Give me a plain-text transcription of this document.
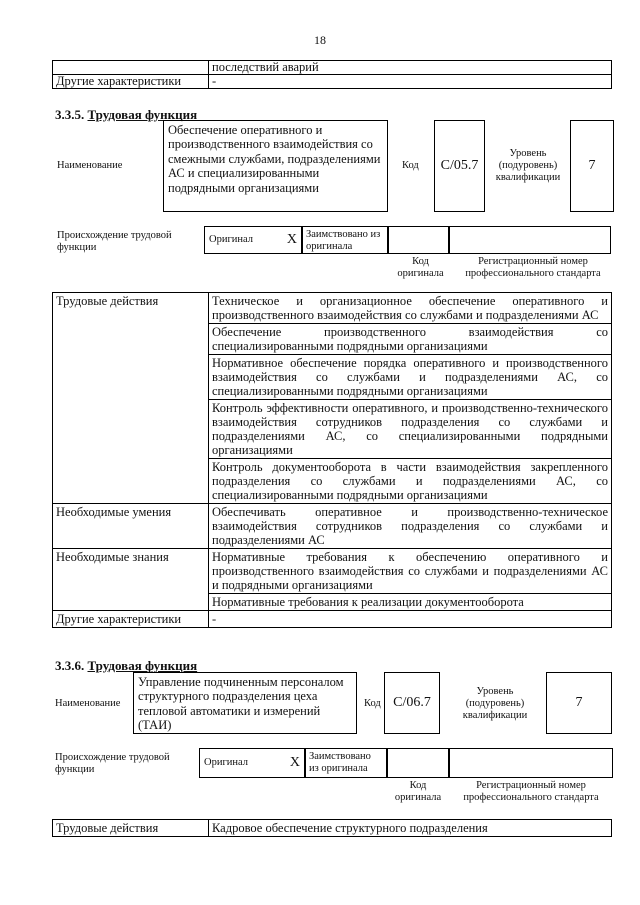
18
	последствий аварий
Другие характеристики	-
3.3.5. Трудовая функция
Наименование
Обеспечение оперативного и производственного взаимодействия со смежными службами, подразделениями АС и специализированными подрядными организациями
Код	C/05.7
Уровень (подуровень) квалификации
7
Происхождение трудовой функции
Оригинал X Заимствовано из оригинала
Код оригинала
Регистрационный номер профессионального стандарта
Трудовые действия	Техническое и организационное обеспечение оперативного и производственного взаимодействия со службами и подразделениями АС
	Обеспечение производственного взаимодействия со специализированными подрядными организациями
	Нормативное обеспечение порядка оперативного и производственного взаимодействия со службами и подразделениями АС, со специализированными подрядными организациями
	Контроль эффективности оперативного, и производственно-технического взаимодействия сотрудников подразделения со службами и подразделениями АС, со специализированными подрядными организациями
	Контроль документооборота в части взаимодействия закрепленного подразделения со службами и подразделениями АС, со специализированными подрядными организациями
Необходимые умения	Обеспечивать оперативное и производственно-техническое взаимодействия сотрудников подразделения со службами и подразделениями АС
Необходимые знания	Нормативные требования к обеспечению оперативного и производственного взаимодействия со службами и подразделениями АС и подрядными организациями
	Нормативные требования к реализации документооборота
Другие характеристики	-
3.3.6. Трудовая функция
Наименование
Управление подчиненным персоналом структурного подразделения цеха тепловой автоматики и измерений (ТАИ)
Код C/06.7
Уровень (подуровень) квалификации
7
Происхождение трудовой функции
Оригинал	X Заимствовано из оригинала
Код оригинала
Регистрационный номер профессионального стандарта
Трудовые действия	Кадровое обеспечение структурного подразделения
